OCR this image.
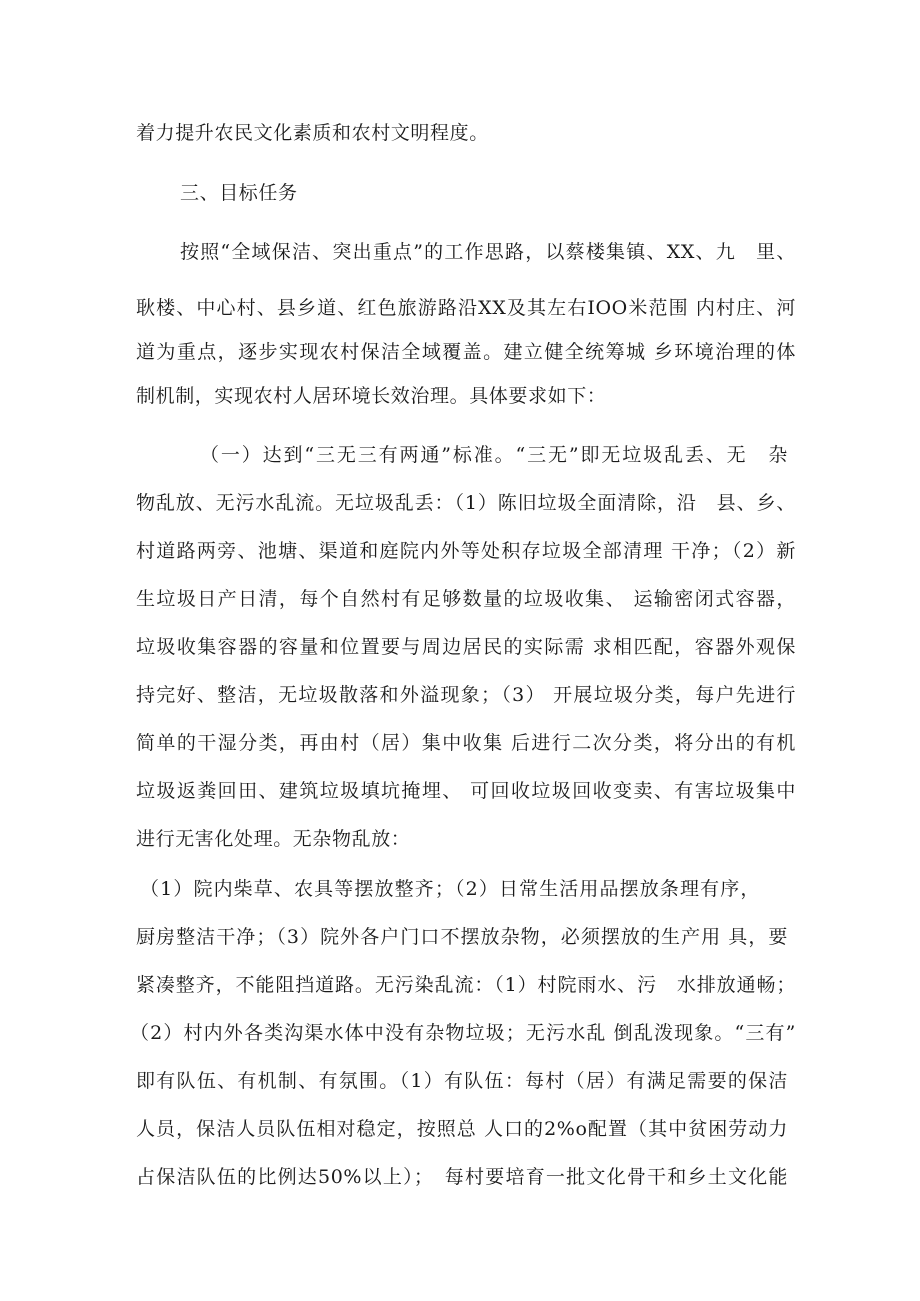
着力提升农民文化素质和农村文明程度。
三、目标任务
按照“全域保洁、突出重点”的工作思路，以蔡楼集镇、XX、九　里、
耿楼、中心村、县乡道、红色旅游路沿XX及其左右IOO米范围 内村庄、河
道为重点，逐步实现农村保洁全域覆盖。建立健全统筹城 乡环境治理的体
制机制，实现农村人居环境长效治理。具体要求如下：
（一）达到“三无三有两通”标准。“三无”即无垃圾乱丢、无　杂
物乱放、无污水乱流。无垃圾乱丢：（1）陈旧垃圾全面清除，沿　县、乡、
村道路两旁、池塘、渠道和庭院内外等处积存垃圾全部清理 干净；（2）新
生垃圾日产日清，每个自然村有足够数量的垃圾收集、 运输密闭式容器，
垃圾收集容器的容量和位置要与周边居民的实际需 求相匹配，容器外观保
持完好、整洁，无垃圾散落和外溢现象；（3） 开展垃圾分类，每户先进行
简单的干湿分类，再由村（居）集中收集 后进行二次分类，将分出的有机
垃圾返粪回田、建筑垃圾填坑掩埋、 可回收垃圾回收变卖、有害垃圾集中
进行无害化处理。无杂物乱放：
（1）院内柴草、农具等摆放整齐；（2）日常生活用品摆放条理有序，
厨房整洁干净；（3）院外各户门口不摆放杂物，必须摆放的生产用 具，要
紧凑整齐，不能阻挡道路。无污染乱流：（1）村院雨水、污　水排放通畅；
（2）村内外各类沟渠水体中没有杂物垃圾；无污水乱 倒乱泼现象。“三有”
即有队伍、有机制、有氛围。（1）有队伍：每村（居）有满足需要的保洁
人员，保洁人员队伍相对稳定，按照总 人口的2%o配置（其中贫困劳动力
占保洁队伍的比例达50%以上）；　每村要培育一批文化骨干和乡土文化能
